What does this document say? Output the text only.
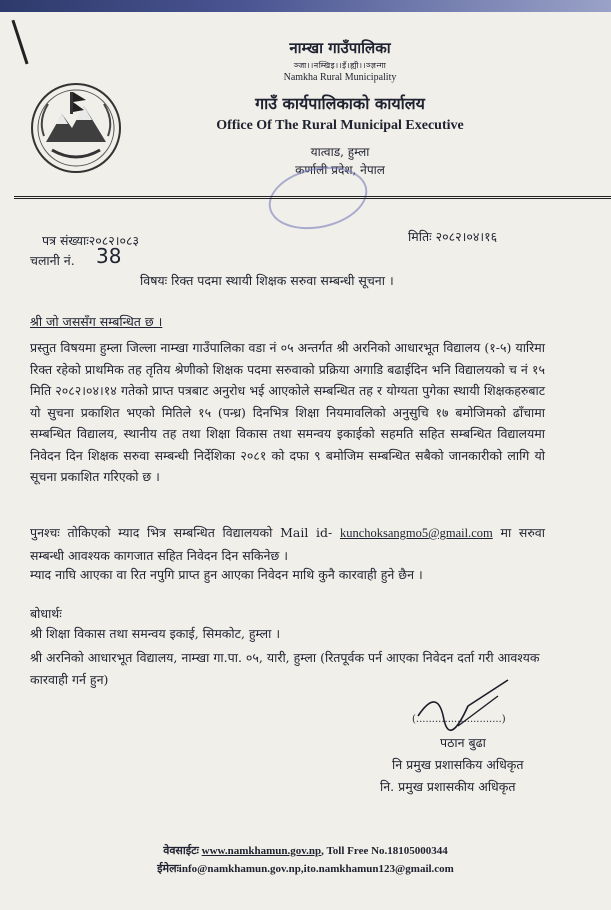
नाम्खा गाउँपालिका
ञ्जा।।नम्खिइ।।इँ।ह्यी।।ञ्ज्ञन्गा
Namkha Rural Municipality
गाउँ कार्यपालिकाको कार्यालय
Office Of The Rural Municipal Executive
यात्वाड, हुम्ला
कर्णाली प्रदेश, नेपाल
पत्र संख्याः२०८२।०८३
चलानी नं. 38
मितिः २०८२।०४।१६
विषयः रिक्त पदमा स्थायी शिक्षक सरुवा सम्बन्धी सूचना ।
श्री जो जससँग सम्बन्धित छ ।
प्रस्तुत विषयमा हुम्ला जिल्ला नाम्खा गाउँपालिका वडा नं ०५ अन्तर्गत श्री अरनिको आधारभूत विद्यालय (१-५) यारिमा रिक्त रहेको प्राथमिक तह तृतिय श्रेणीको शिक्षक पदमा सरुवाको प्रक्रिया अगाडि बढाईदिन भनि विद्यालयको च नं १५ मिति २०८२।०४।१४ गतेको प्राप्त पत्रबाट अनुरोध भई आएकोले सम्बन्धित तह र योग्यता पुगेका स्थायी शिक्षकहरुबाट यो सुचना प्रकाशित भएको मितिले १५ (पन्ध्र) दिनभित्र शिक्षा नियमावलिको अनुसुचि १७ बमोजिमको ढाँचामा सम्बन्धित विद्यालय, स्थानीय तह तथा शिक्षा विकास तथा समन्वय इकाईको सहमति सहित सम्बन्धित विद्यालयमा निवेदन दिन शिक्षक सरुवा सम्बन्धी निर्देशिका २०८१ को दफा ९ बमोजिम सम्बन्धित सबैको जानकारीको लागि यो सूचना प्रकाशित गरिएको छ ।
पुनश्चः तोकिएको म्याद भित्र सम्बन्धित विद्यालयको Mail id- kunchoksangmo5@gmail.com मा सरुवा सम्बन्धी आवश्यक कागजात सहित निवेदन दिन सकिनेछ ।
म्याद नाघि आएका वा रित नपुगि प्राप्त हुन आएका निवेदन माथि कुनै कारवाही हुने छैन ।
बोधार्थः
श्री शिक्षा विकास तथा समन्वय इकाई, सिमकोट, हुम्ला ।
श्री अरनिको आधारभूत विद्यालय, नाम्खा गा.पा. ०५, यारी, हुम्ला (रितपूर्वक पर्न आएका निवेदन दर्ता गरी आवश्यक कारवाही गर्न हुन)
(...........................)
पठान बुढा
नि प्रमुख प्रशासकिय अधिकृत
नि. प्रमुख प्रशासकीय अधिकृत
वेवसाईटः www.namkhamun.gov.np, Toll Free No.18105000344
ईमेलःinfo@namkhamun.gov.np,ito.namkhamun123@gmail.com
